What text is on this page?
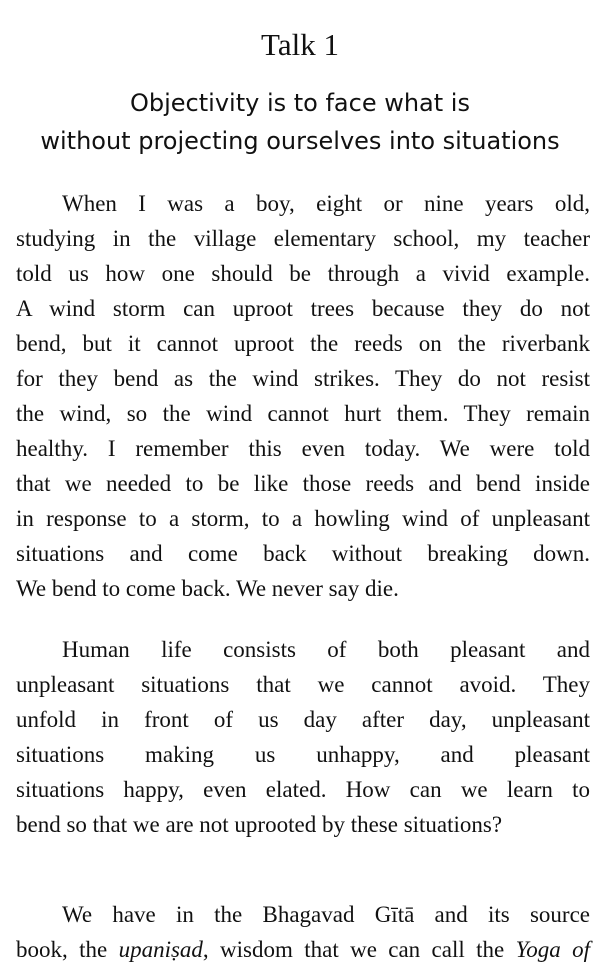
Talk 1
Objectivity is to face what is
without projecting ourselves into situations
When I was a boy, eight or nine years old,
studying in the village elementary school, my teacher
told us how one should be through a vivid example.
A wind storm can uproot trees because they do not
bend, but it cannot uproot the reeds on the riverbank
for they bend as the wind strikes. They do not resist
the wind, so the wind cannot hurt them. They remain
healthy. I remember this even today. We were told
that we needed to be like those reeds and bend inside
in response to a storm, to a howling wind of unpleasant
situations and come back without breaking down.
We bend to come back. We never say die.
Human life consists of both pleasant and
unpleasant situations that we cannot avoid. They
unfold in front of us day after day, unpleasant
situations making us unhappy, and pleasant
situations happy, even elated. How can we learn to
bend so that we are not uprooted by these situations?
We have in the Bhagavad Gītā and its source
book, the upaniṣad, wisdom that we can call the Yoga of
